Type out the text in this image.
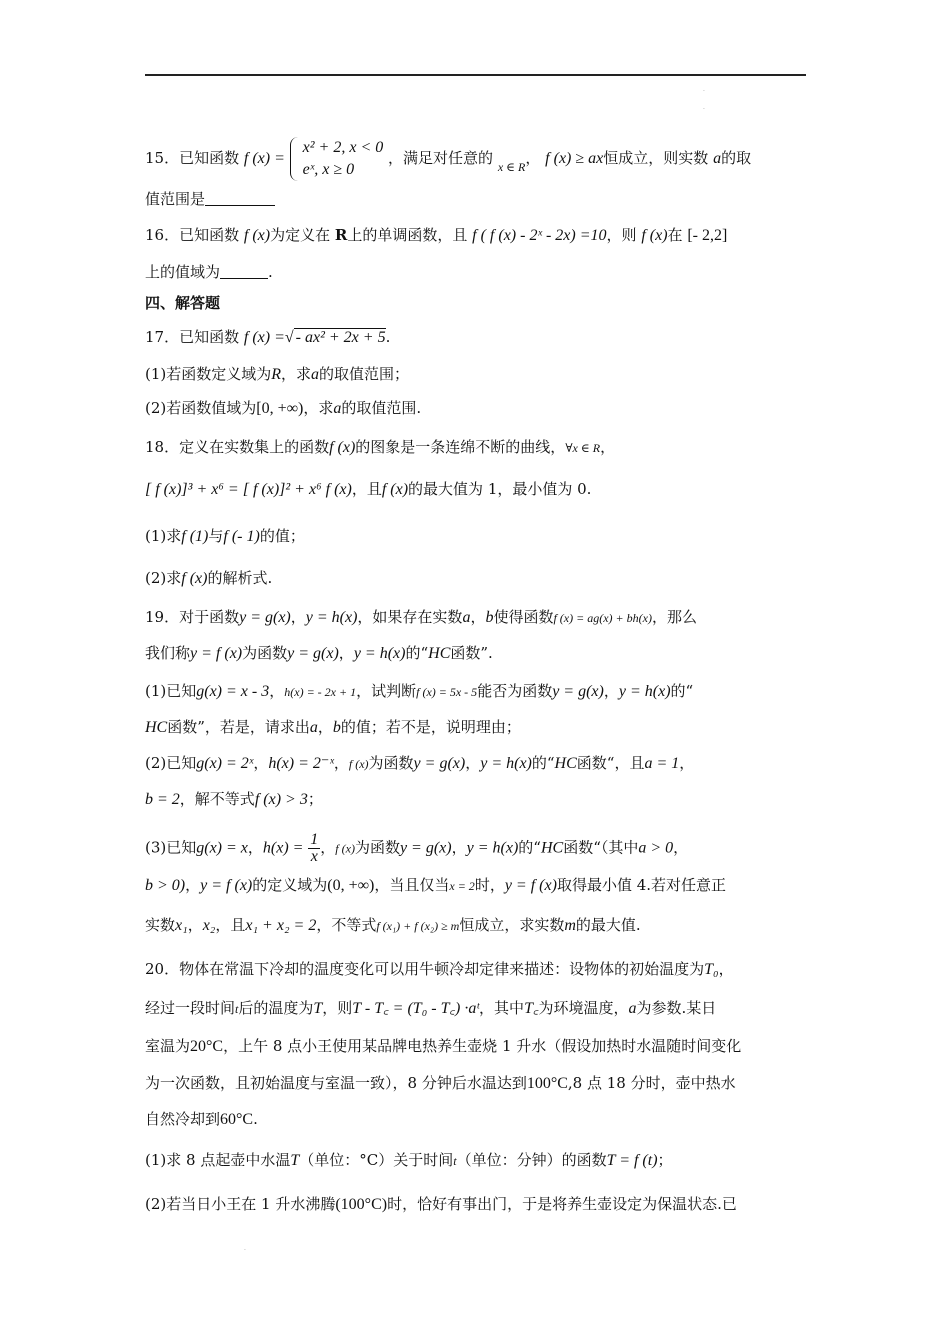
·
·
·
15．已知函数 f (x) = x² + 2, x < 0
eˣ, x ≥ 0 ，满足对任意的 $_{x \in R}$， f (x) ≥ ax恒成立，则实数 a的取
值范围是
16．已知函数 f (x)为定义在 R上的单调函数，且 f ( f (x) - 2ˣ - 2x) =10，则 f (x)在 [- 2,2]
上的值域为	.
四、解答题
17．已知函数 f (x) =√ - ax² + 2x + 5.
(1)若函数定义域为R，求a的取值范围；
(2)若函数值域为[0, +∞)，求a的取值范围.
18．定义在实数集上的函数f (x)的图象是一条连绵不断的曲线，∀x ∈ R，
[ f (x)]³ + x⁶ = [ f (x)]² + x⁶ f (x)，且f (x)的最大值为 1，最小值为 0.
(1)求f (1)与f (- 1)的值；
(2)求f (x)的解析式.
19．对于函数y = g(x)，y = h(x)，如果存在实数a，b使得函数f (x) = ag(x) + bh(x)，那么
我们称y = f (x)为函数y = g(x)，y = h(x)的“HC函数”.
(1)已知g(x) = x - 3，h(x) = - 2x + 1，试判断f (x) = 5x - 5能否为函数y = g(x)，y = h(x)的“
HC函数”，若是，请求出a，b的值；若不是，说明理由；
(2)已知g(x) = 2ˣ，h(x) = 2⁻ˣ，f (x)为函数y = g(x)，y = h(x)的“HC函数“，且a = 1，
b = 2，解不等式f (x) > 3；
(3)已知g(x) = x，$h(x) = \frac{1}{x}$ ，f (x)为函数y = g(x)，y = h(x)的“HC函数“（其中a > 0，
b > 0)，y = f (x)的定义域为(0, +∞)，当且仅当x = 2时，y = f (x)取得最小值 4.若对任意正
实数x₁，x₂，且x₁ + x₂ = 2，不等式f (x₁) + f (x₂) ≥ m恒成立，求实数m的最大值.
20．物体在常温下冷却的温度变化可以用牛顿冷却定律来描述：设物体的初始温度为T₀，
经过一段时间t后的温度为T，则T - T꜀ = (T₀ - T꜀) ·aᵗ，其中T꜀为环境温度，a为参数.某日
室温为20°C，上午 8 点小王使用某品牌电热养生壶烧 1 升水（假设加热时水温随时间变化
为一次函数，且初始温度与室温一致），8 分钟后水温达到100°C,8 点 18 分时，壶中热水
自然冷却到60°C.
(1)求 8 点起壶中水温T（单位：°C）关于时间t（单位：分钟）的函数T = f (t)；
(2)若当日小王在 1 升水沸腾(100°C)时，恰好有事出门，于是将养生壶设定为保温状态.已
